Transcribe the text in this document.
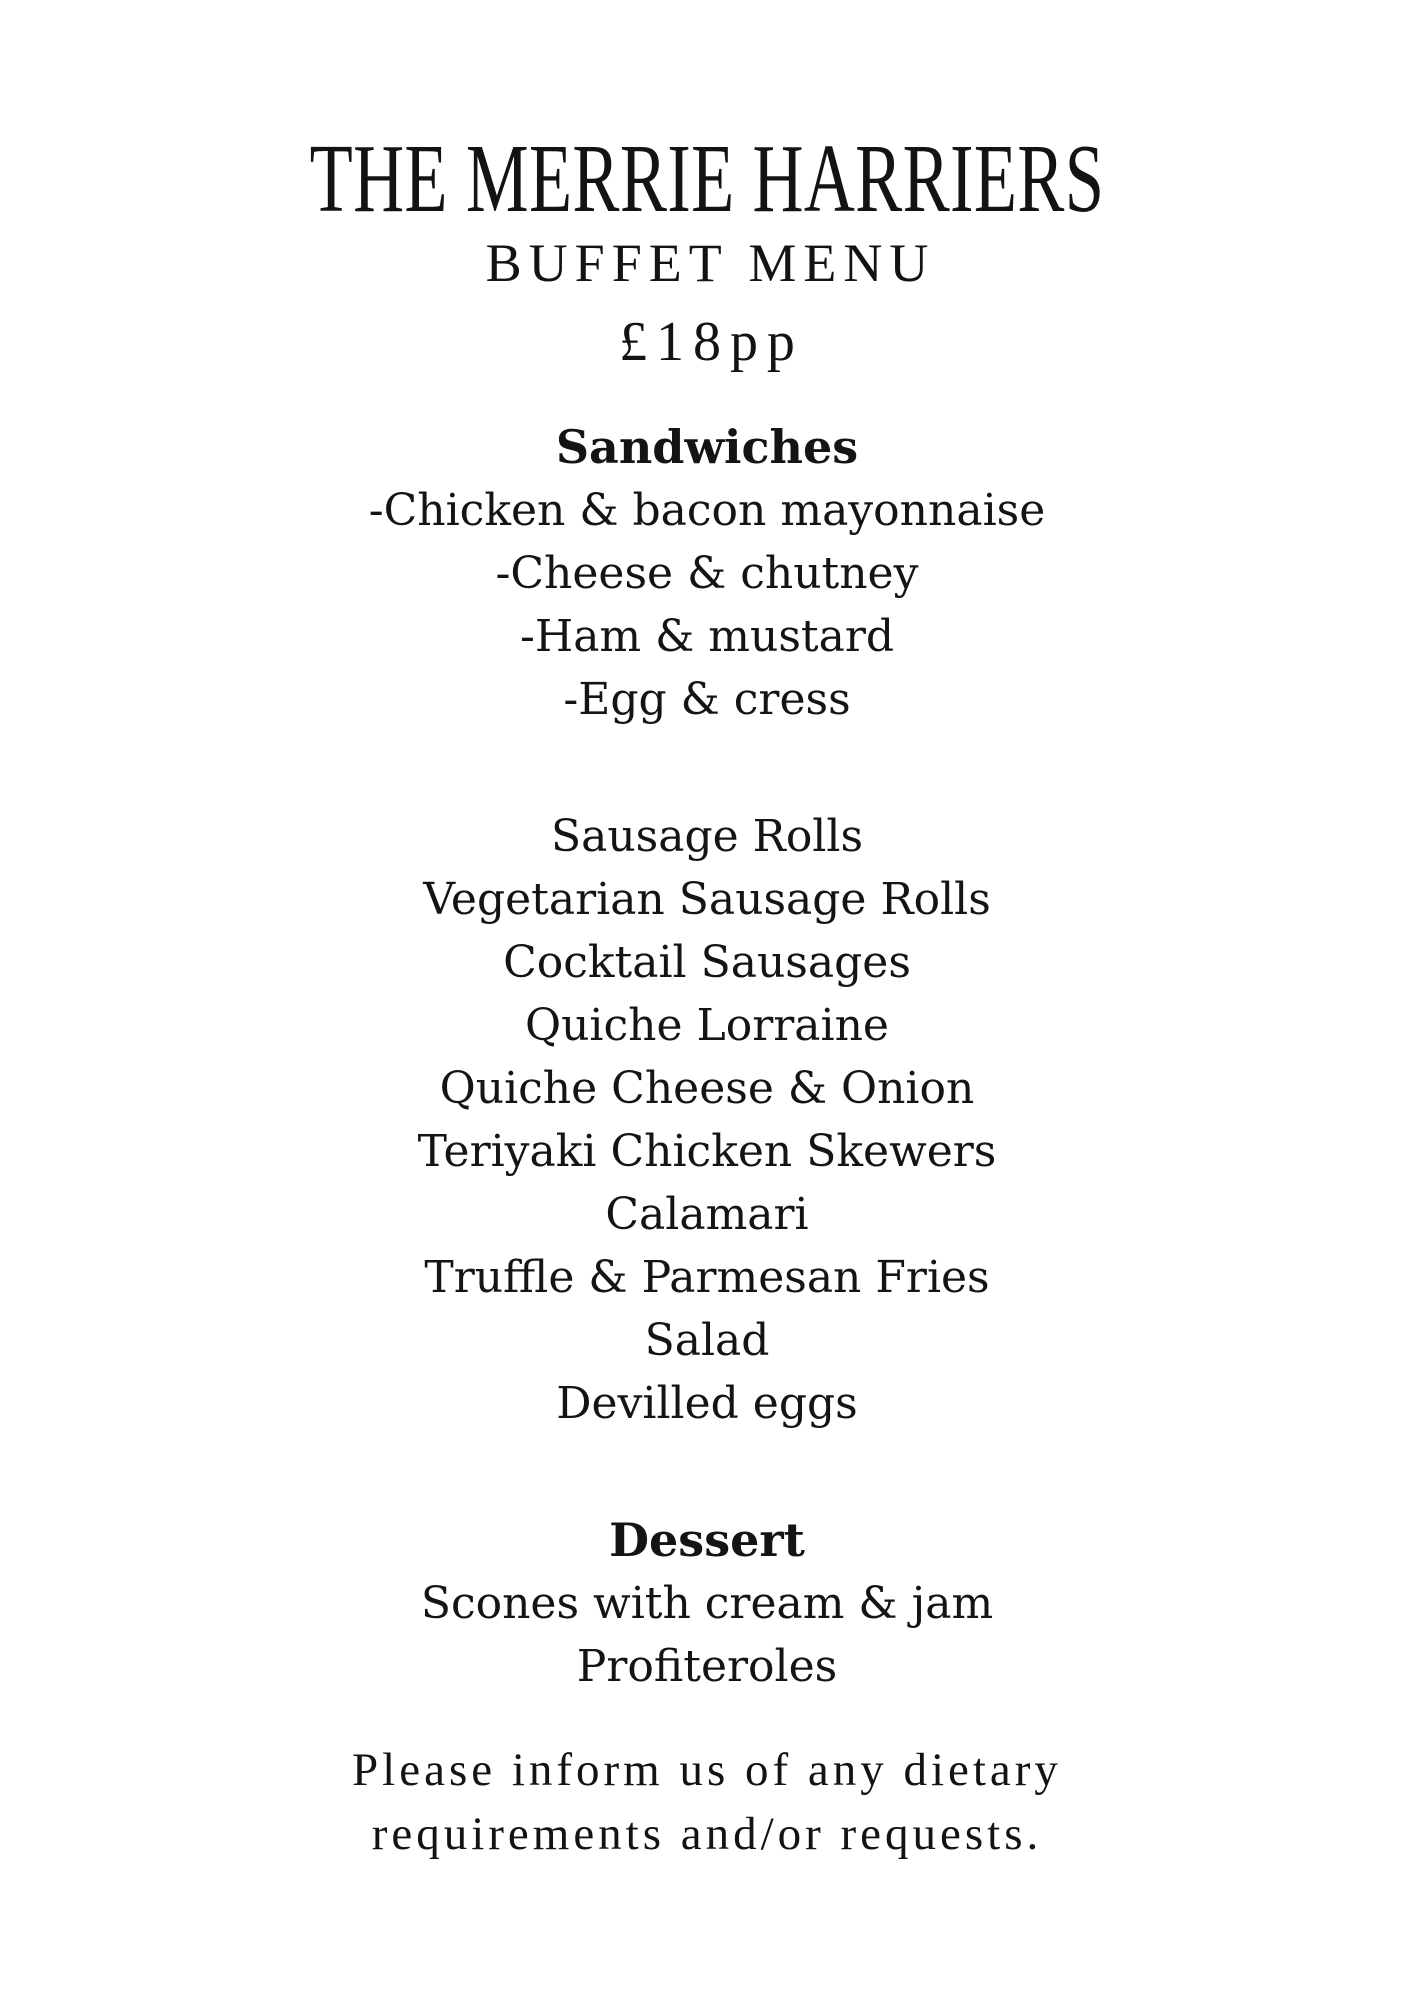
THE MERRIE HARRIERS
BUFFET MENU
£18pp
Sandwiches
-Chicken & bacon mayonnaise
-Cheese & chutney
-Ham & mustard
-Egg & cress
Sausage Rolls
Vegetarian Sausage Rolls
Cocktail Sausages
Quiche Lorraine
Quiche Cheese & Onion
Teriyaki Chicken Skewers
Calamari
Truffle & Parmesan Fries
Salad
Devilled eggs
Dessert
Scones with cream & jam
Profiteroles
Please inform us of any dietary
requirements and/or requests.
